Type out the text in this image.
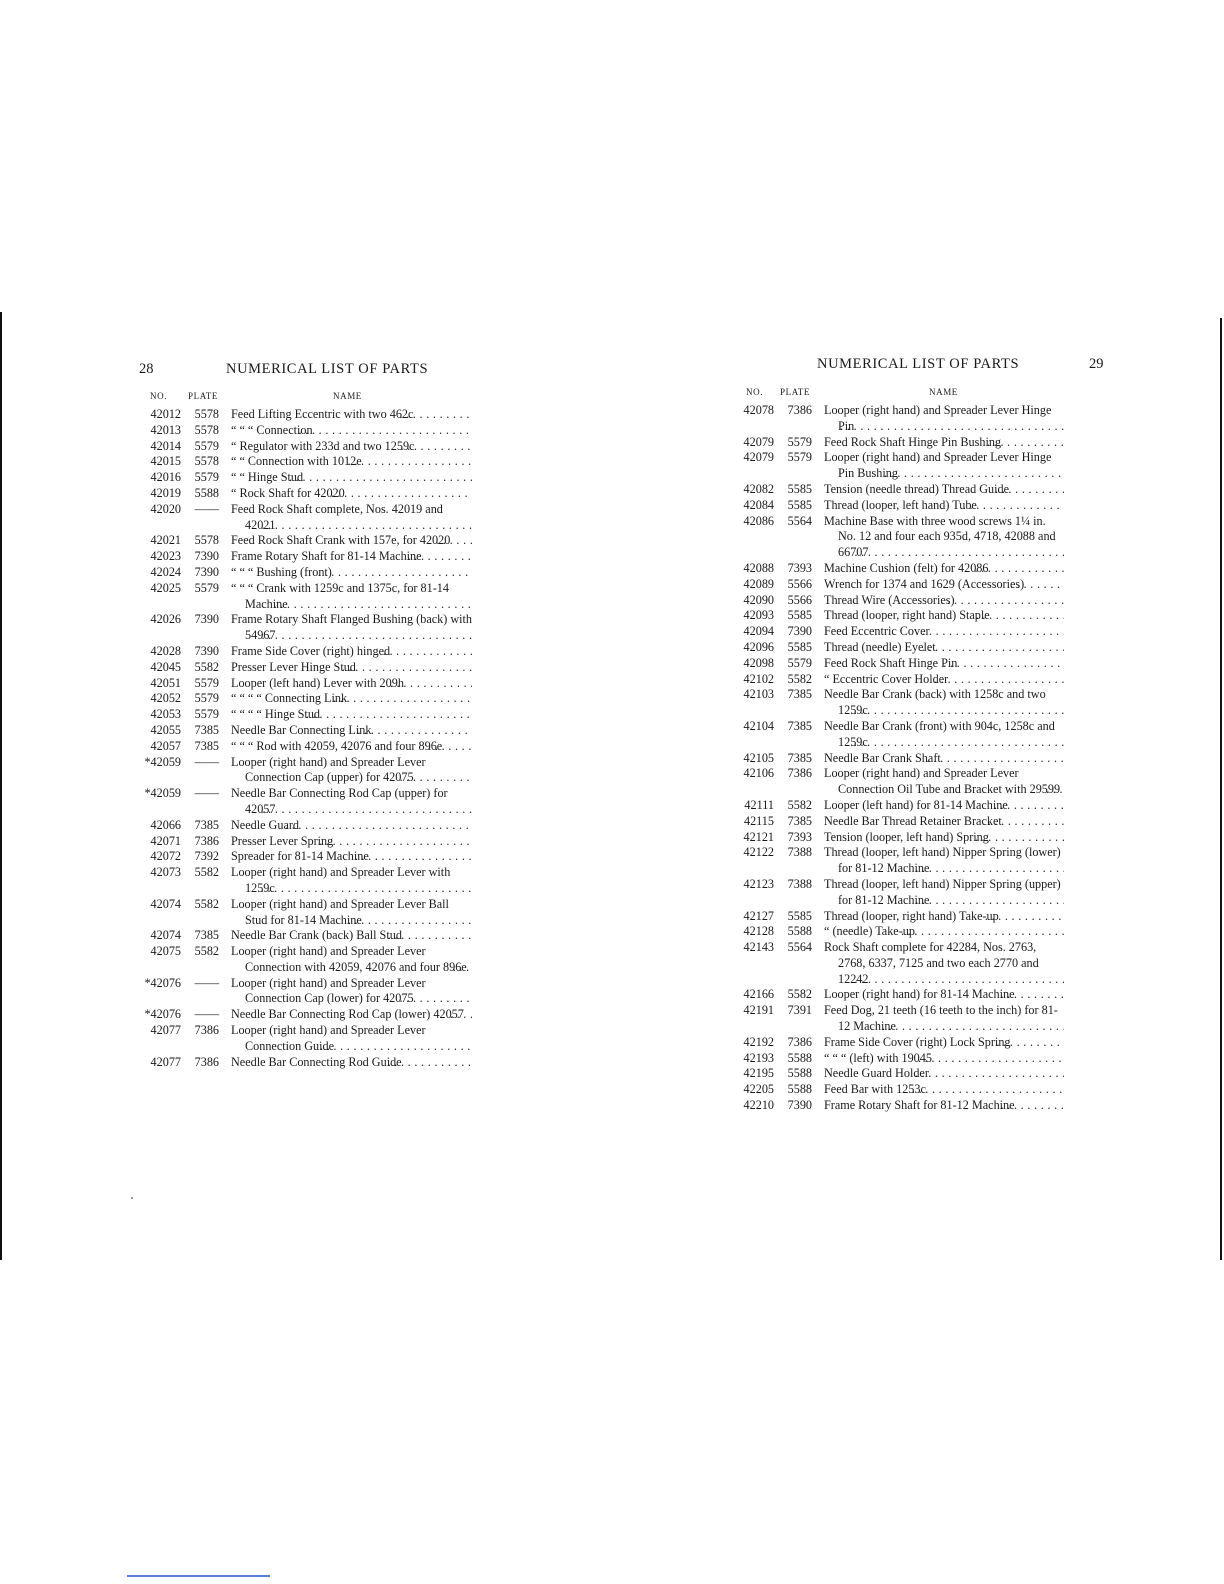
28	NUMERICAL LIST OF PARTS
NO. PLATE	NAME
42012	5578 Feed Lifting Eccentric with two 462c . . .
42013	5578 “ “ “ Connection . . .
42014	5579 “ Regulator with 233d and two 1259c . . .
42015	5578 “ “ Connection with 1012e . . .
42016	5579 “ “ Hinge Stud . . .
42019	5588 “ Rock Shaft for 42020 . . .
42020	—— Feed Rock Shaft complete, Nos. 42019 and 42021 . . .
42021	5578 Feed Rock Shaft Crank with 157e, for 42020 . . .
42023	7390 Frame Rotary Shaft for 81-14 Machine . . .
42024	7390 “ “ “ Bushing (front) . . .
42025	5579 “ “ “ Crank with 1259c and 1375c, for 81-14 Machine . . .
42026	7390 Frame Rotary Shaft Flanged Bushing (back) with 54967 . . .
42028	7390 Frame Side Cover (right) hinged . . .
42045	5582 Presser Lever Hinge Stud . . .
42051	5579 Looper (left hand) Lever with 209h . . .
42052	5579 “ “ “ “ Connecting Link . . .
42053	5579 “ “ “ “ Hinge Stud . . .
42055	7385 Needle Bar Connecting Link . . .
42057	7385 “ “ “ Rod with 42059, 42076 and four 896e . . .
*42059	—— Looper (right hand) and Spreader Lever Connection Cap (upper) for 42075 . . .
*42059	—— Needle Bar Connecting Rod Cap (upper) for 42057 . . .
42066	7385 Needle Guard . . .
42071	7386 Presser Lever Spring . . .
42072	7392 Spreader for 81-14 Machine . . .
42073	5582 Looper (right hand) and Spreader Lever with 1259c . . .
42074	5582 Looper (right hand) and Spreader Lever Ball Stud for 81-14 Machine . . .
42074	7385 Needle Bar Crank (back) Ball Stud . . .
42075	5582 Looper (right hand) and Spreader Lever Connection with 42059, 42076 and four 896e . . .
*42076	—— Looper (right hand) and Spreader Lever Connection Cap (lower) for 42075 . . .
*42076	—— Needle Bar Connecting Rod Cap (lower) 42057 . . .
42077	7386 Looper (right hand) and Spreader Lever Connection Guide . . .
42077	7386 Needle Bar Connecting Rod Guide . . .
NUMERICAL LIST OF PARTS	29
NO. PLATE	NAME
42078	7386 Looper (right hand) and Spreader Lever Hinge Pin . . .
42079	5579 Feed Rock Shaft Hinge Pin Bushing . . .
42079	5579 Looper (right hand) and Spreader Lever Hinge Pin Bushing . . .
42082	5585 Tension (needle thread) Thread Guide . . .
42084	5585 Thread (looper, left hand) Tube . . .
42086	5564 Machine Base with three wood screws 1¼ in. No. 12 and four each 935d, 4718, 42088 and 66707 . . .
42088	7393 Machine Cushion (felt) for 42086 . . .
42089	5566 Wrench for 1374 and 1629 (Accessories) . . .
42090	5566 Thread Wire (Accessories) . . .
42093	5585 Thread (looper, right hand) Staple . . .
42094	7390 Feed Eccentric Cover . . .
42096	5585 Thread (needle) Eyelet . . .
42098	5579 Feed Rock Shaft Hinge Pin . . .
42102	5582 “ Eccentric Cover Holder . . .
42103	7385 Needle Bar Crank (back) with 1258c and two 1259c . . .
42104	7385 Needle Bar Crank (front) with 904c, 1258c and 1259c . . .
42105	7385 Needle Bar Crank Shaft . . .
42106	7386 Looper (right hand) and Spreader Lever Connection Oil Tube and Bracket with 29599 . . .
42111	5582 Looper (left hand) for 81-14 Machine . . .
42115	7385 Needle Bar Thread Retainer Bracket . . .
42121	7393 Tension (looper, left hand) Spring . . .
42122	7388 Thread (looper, left hand) Nipper Spring (lower) for 81-12 Machine . . .
42123	7388 Thread (looper, left hand) Nipper Spring (upper) for 81-12 Machine . . .
42127	5585 Thread (looper, right hand) Take-up . . .
42128	5588 “ (needle) Take-up . . .
42143	5564 Rock Shaft complete for 42284, Nos. 2763, 2768, 6337, 7125 and two each 2770 and 12242 . . .
42166	5582 Looper (right hand) for 81-14 Machine . . .
42191	7391 Feed Dog, 21 teeth (16 teeth to the inch) for 81-12 Machine . . .
42192	7386 Frame Side Cover (right) Lock Spring . . .
42193	5588 “ “ “ (left) with 19045 . . .
42195	5588 Needle Guard Holder . . .
42205	5588 Feed Bar with 1253c . . .
42210	7390 Frame Rotary Shaft for 81-12 Machine . . .
